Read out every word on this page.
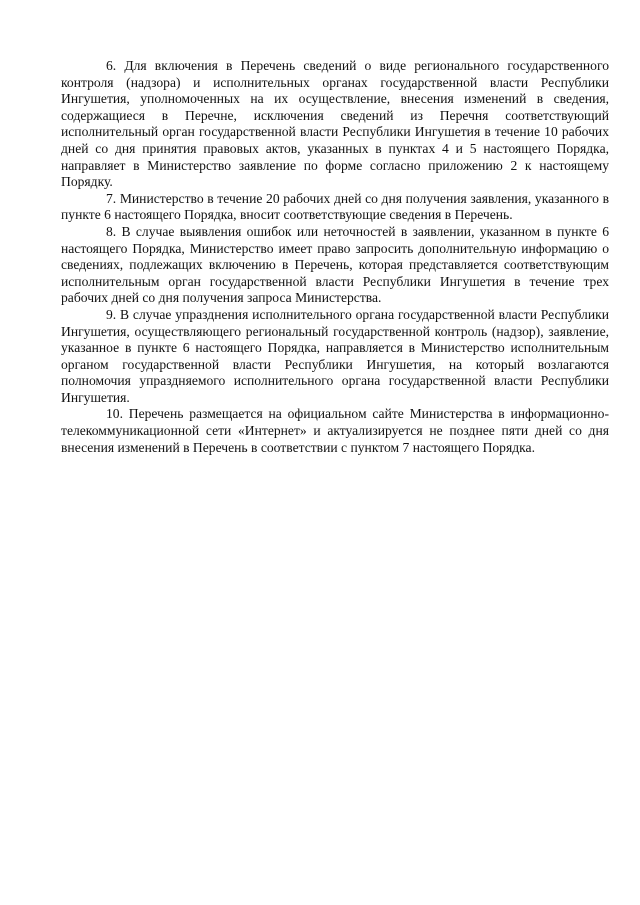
6. Для включения в Перечень сведений о виде регионального государственного контроля (надзора) и исполнительных органах государственной власти Республики Ингушетия, уполномоченных на их осуществление, внесения изменений в сведения, содержащиеся в Перечне, исключения сведений из Перечня соответствующий исполнительный орган государственной власти Республики Ингушетия в течение 10 рабочих дней со дня принятия правовых актов, указанных в пунктах 4 и 5 настоящего Порядка, направляет в Министерство заявление по форме согласно приложению 2 к настоящему Порядку.

7. Министерство в течение 20 рабочих дней со дня получения заявления, указанного в пункте 6 настоящего Порядка, вносит соответствующие сведения в Перечень.

8. В случае выявления ошибок или неточностей в заявлении, указанном в пункте 6 настоящего Порядка, Министерство имеет право запросить дополнительную информацию о сведениях, подлежащих включению в Перечень, которая представляется соответствующим исполнительным орган государственной власти Республики Ингушетия в течение трех рабочих дней со дня получения запроса Министерства.

9. В случае упразднения исполнительного органа государственной власти Республики Ингушетия, осуществляющего региональный государственной контроль (надзор), заявление, указанное в пункте 6 настоящего Порядка, направляется в Министерство исполнительным органом государственной власти Республики Ингушетия, на который возлагаются полномочия упраздняемого исполнительного органа государственной власти Республики Ингушетия.

10. Перечень размещается на официальном сайте Министерства в информационно-телекоммуникационной сети «Интернет» и актуализируется не позднее пяти дней со дня внесения изменений в Перечень в соответствии с пунктом 7 настоящего Порядка.
